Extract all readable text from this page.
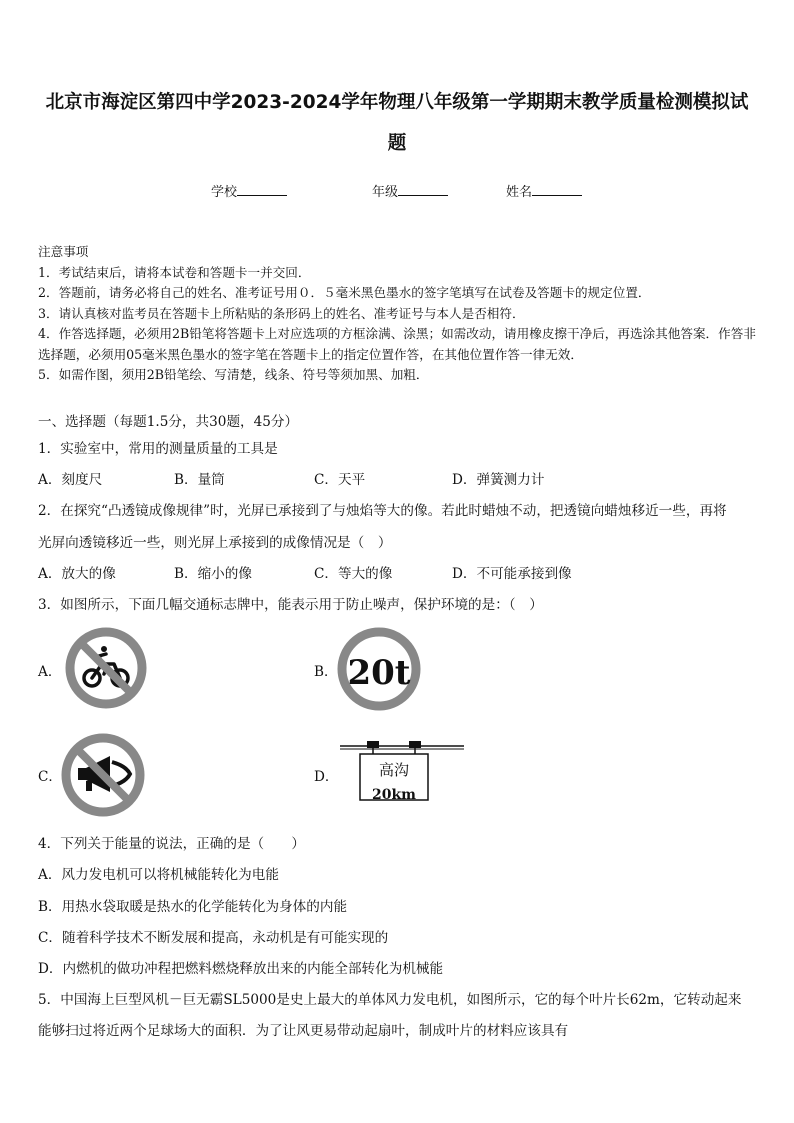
北京市海淀区第四中学2023-2024学年物理八年级第一学期期末教学质量检测模拟试
题
学校	年级	姓名

注意事项

1．考试结束后，请将本试卷和答题卡一并交回．

2．答题前，请务必将自己的姓名、准考证号用０．５毫米黑色墨水的签字笔填写在试卷及答题卡的规定位置．

3．请认真核对监考员在答题卡上所粘贴的条形码上的姓名、准考证号与本人是否相符．

4．作答选择题，必须用2B铅笔将答题卡上对应选项的方框涂满、涂黑；如需改动，请用橡皮擦干净后，再选涂其他答案．作答非选择题，必须用05毫米黑色墨水的签字笔在答题卡上的指定位置作答，在其他位置作答一律无效．

5．如需作图，须用2B铅笔绘、写清楚，线条、符号等须加黑、加粗．

一、选择题（每题1.5分，共30题，45分）
1．实验室中，常用的测量质量的工具是
A．刻度尺	B．量筒	C．天平	D．弹簧测力计
2．在探究“凸透镜成像规律”时，光屏已承接到了与烛焰等大的像。若此时蜡烛不动，把透镜向蜡烛移近一些，再将
光屏向透镜移近一些，则光屏上承接到的成像情况是（　）
A．放大的像	B．缩小的像	C．等大的像	D．不可能承接到像
3．如图所示，下面几幅交通标志牌中，能表示用于防止噪声，保护环境的是：（　）
A．	B．
C．	D．
20t
高沟
20km
4．下列关于能量的说法，正确的是（　　）
A．风力发电机可以将机械能转化为电能
B．用热水袋取暖是热水的化学能转化为身体的内能
C．随着科学技术不断发展和提高，永动机是有可能实现的
D．内燃机的做功冲程把燃料燃烧释放出来的内能全部转化为机械能
5．中国海上巨型风机－巨无霸SL5000是史上最大的单体风力发电机，如图所示，它的每个叶片长62m，它转动起来
能够扫过将近两个足球场大的面积．为了让风更易带动起扇叶，制成叶片的材料应该具有
